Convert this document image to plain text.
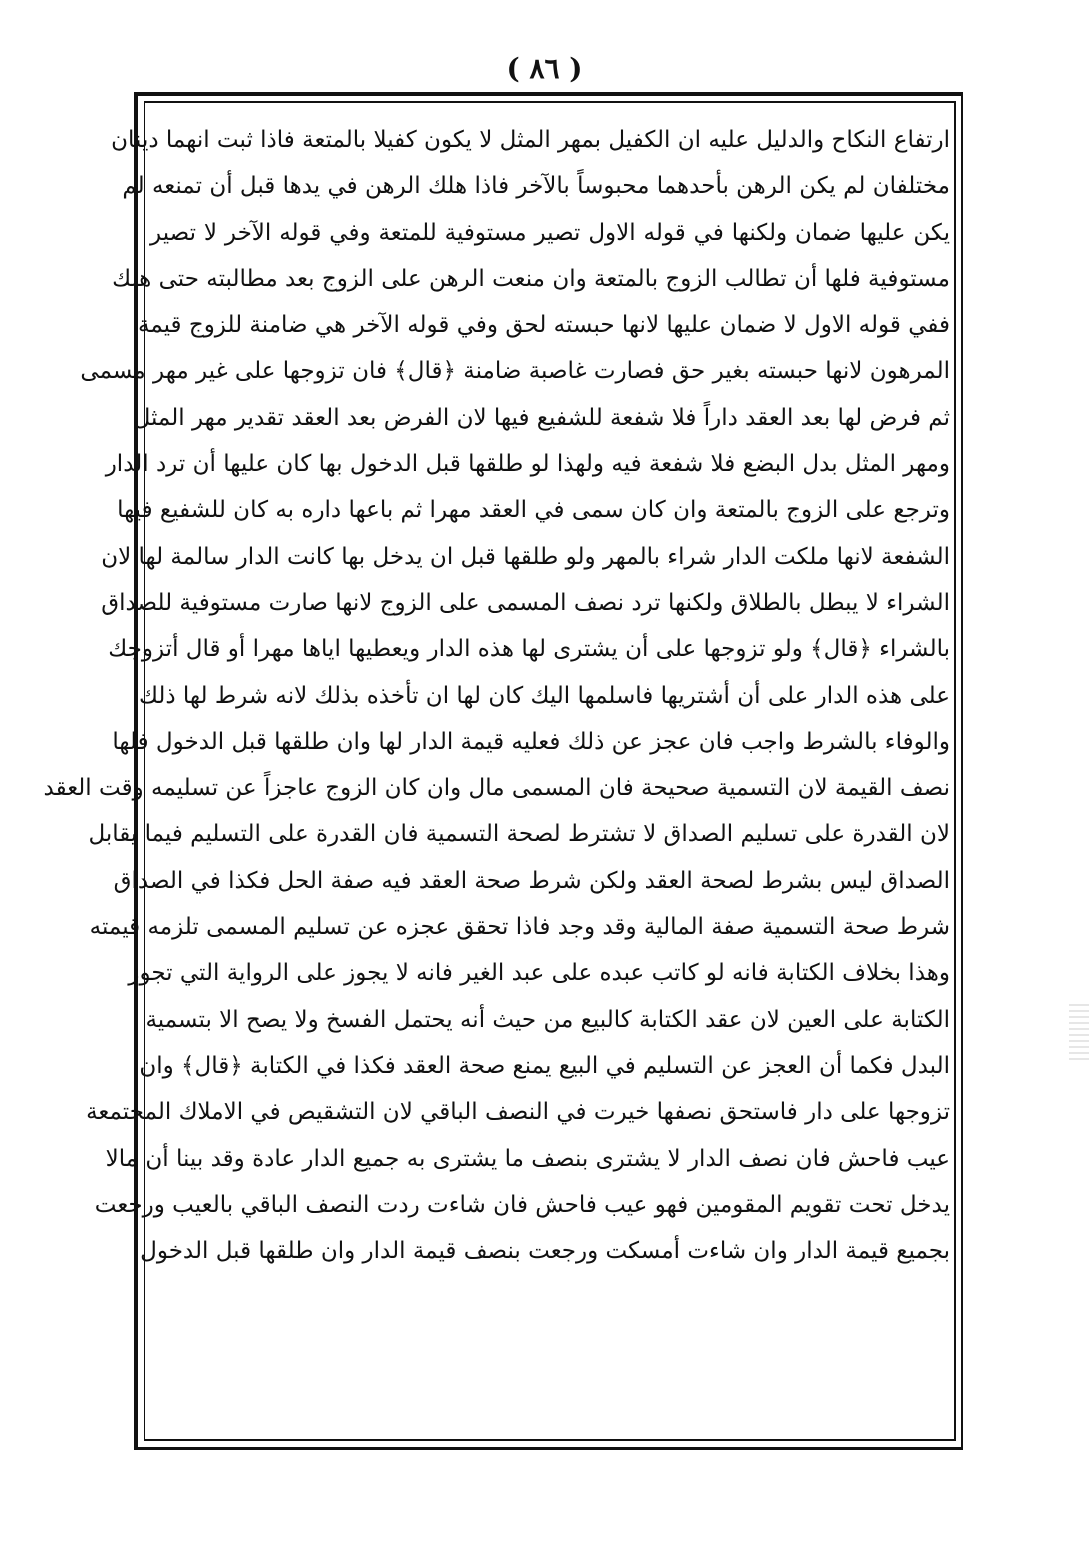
( ٨٦ )
ارتفاع النكاح والدليل عليه ان الكفيل بمهر المثل لا يكون كفيلا بالمتعة فاذا ثبت انهما دينان
مختلفان لم يكن الرهن بأحدهما محبوساً بالآخر فاذا هلك الرهن في يدها قبل أن تمنعه لم
يكن عليها ضمان ولكنها في قوله الاول تصير مستوفية للمتعة وفي قوله الآخر لا تصير
مستوفية فلها أن تطالب الزوج بالمتعة وان منعت الرهن على الزوج بعد مطالبته حتى هلك
ففي قوله الاول لا ضمان عليها لانها حبسته لحق وفي قوله الآخر هي ضامنة للزوج قيمة
المرهون لانها حبسته بغير حق فصارت غاصبة ضامنة ﴿قال﴾ فان تزوجها على غير مهر مسمى
ثم فرض لها بعد العقد داراً فلا شفعة للشفيع فيها لان الفرض بعد العقد تقدير مهر المثل
ومهر المثل بدل البضع فلا شفعة فيه ولهذا لو طلقها قبل الدخول بها كان عليها أن ترد الدار
وترجع على الزوج بالمتعة وان كان سمى في العقد مهرا ثم باعها داره به كان للشفيع فيها
الشفعة لانها ملكت الدار شراء بالمهر ولو طلقها قبل ان يدخل بها كانت الدار سالمة لها لان
الشراء لا يبطل بالطلاق ولكنها ترد نصف المسمى على الزوج لانها صارت مستوفية للصداق
بالشراء ﴿قال﴾ ولو تزوجها على أن يشترى لها هذه الدار ويعطيها اياها مهرا أو قال أتزوجك
على هذه الدار على أن أشتريها فاسلمها اليك كان لها ان تأخذه بذلك لانه شرط لها ذلك
والوفاء بالشرط واجب فان عجز عن ذلك فعليه قيمة الدار لها وان طلقها قبل الدخول فلها
نصف القيمة لان التسمية صحيحة فان المسمى مال وان كان الزوج عاجزاً عن تسليمه وقت العقد
لان القدرة على تسليم الصداق لا تشترط لصحة التسمية فان القدرة على التسليم فيما يقابل
الصداق ليس بشرط لصحة العقد ولكن شرط صحة العقد فيه صفة الحل فكذا في الصداق
شرط صحة التسمية صفة المالية وقد وجد فاذا تحقق عجزه عن تسليم المسمى تلزمه قيمته
وهذا بخلاف الكتابة فانه لو كاتب عبده على عبد الغير فانه لا يجوز على الرواية التي تجوز
الكتابة على العين لان عقد الكتابة كالبيع من حيث أنه يحتمل الفسخ ولا يصح الا بتسمية
البدل فكما أن العجز عن التسليم في البيع يمنع صحة العقد فكذا في الكتابة ﴿قال﴾ وان
تزوجها على دار فاستحق نصفها خيرت في النصف الباقي لان التشقيص في الاملاك المجتمعة
عيب فاحش فان نصف الدار لا يشترى بنصف ما يشترى به جميع الدار عادة وقد بينا أن مالا
يدخل تحت تقويم المقومين فهو عيب فاحش فان شاءت ردت النصف الباقي بالعيب ورجعت
بجميع قيمة الدار وان شاءت أمسكت ورجعت بنصف قيمة الدار وان طلقها قبل الدخول
